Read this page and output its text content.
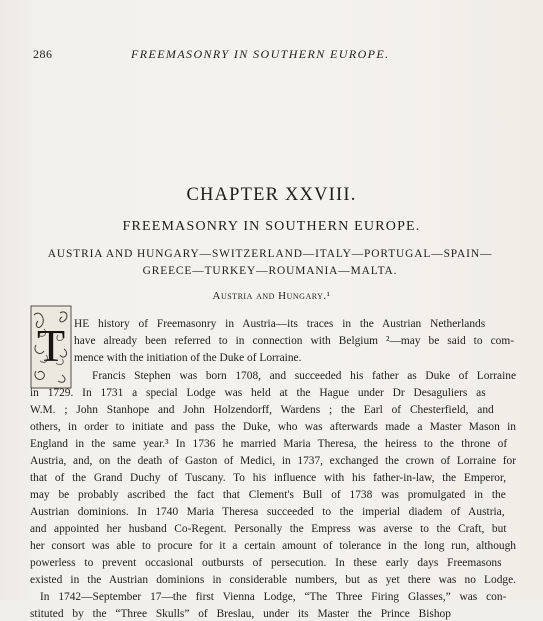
286	FREEMASONRY IN SOUTHERN EUROPE.
CHAPTER XXVIII.
FREEMASONRY IN SOUTHERN EUROPE.
AUSTRIA AND HUNGARY—SWITZERLAND—ITALY—PORTUGAL—SPAIN—
GREECE—TURKEY—ROUMANIA—MALTA.
Austria and Hungary.¹
T HE history of Freemasonry in Austria—its traces in the Austrian Netherlands
have already been referred to in connection with Belgium ²—may be said to com-
mence with the initiation of the Duke of Lorraine.
Francis Stephen was born 1708, and succeeded his father as Duke of Lorraine
in 1729. In 1731 a special Lodge was held at the Hague under Dr Desaguliers as
W.M. ; John Stanhope and John Holzendorff, Wardens ; the Earl of Chesterfield, and
others, in order to initiate and pass the Duke, who was afterwards made a Master Mason in
England in the same year.³ In 1736 he married Maria Theresa, the heiress to the throne of
Austria, and, on the death of Gaston of Medici, in 1737, exchanged the crown of Lorraine for
that of the Grand Duchy of Tuscany. To his influence with his father-in-law, the Emperor,
may be probably ascribed the fact that Clement's Bull of 1738 was promulgated in the
Austrian dominions. In 1740 Maria Theresa succeeded to the imperial diadem of Austria,
and appointed her husband Co-Regent. Personally the Empress was averse to the Craft, but
her consort was able to procure for it a certain amount of tolerance in the long run, although
powerless to prevent occasional outbursts of persecution. In these early days Freemasons
existed in the Austrian dominions in considerable numbers, but as yet there was no Lodge.
In 1742—September 17—the first Vienna Lodge, “The Three Firing Glasses,” was con-
stituted by the “Three Skulls” of Breslau, under its Master the Prince Bishop
